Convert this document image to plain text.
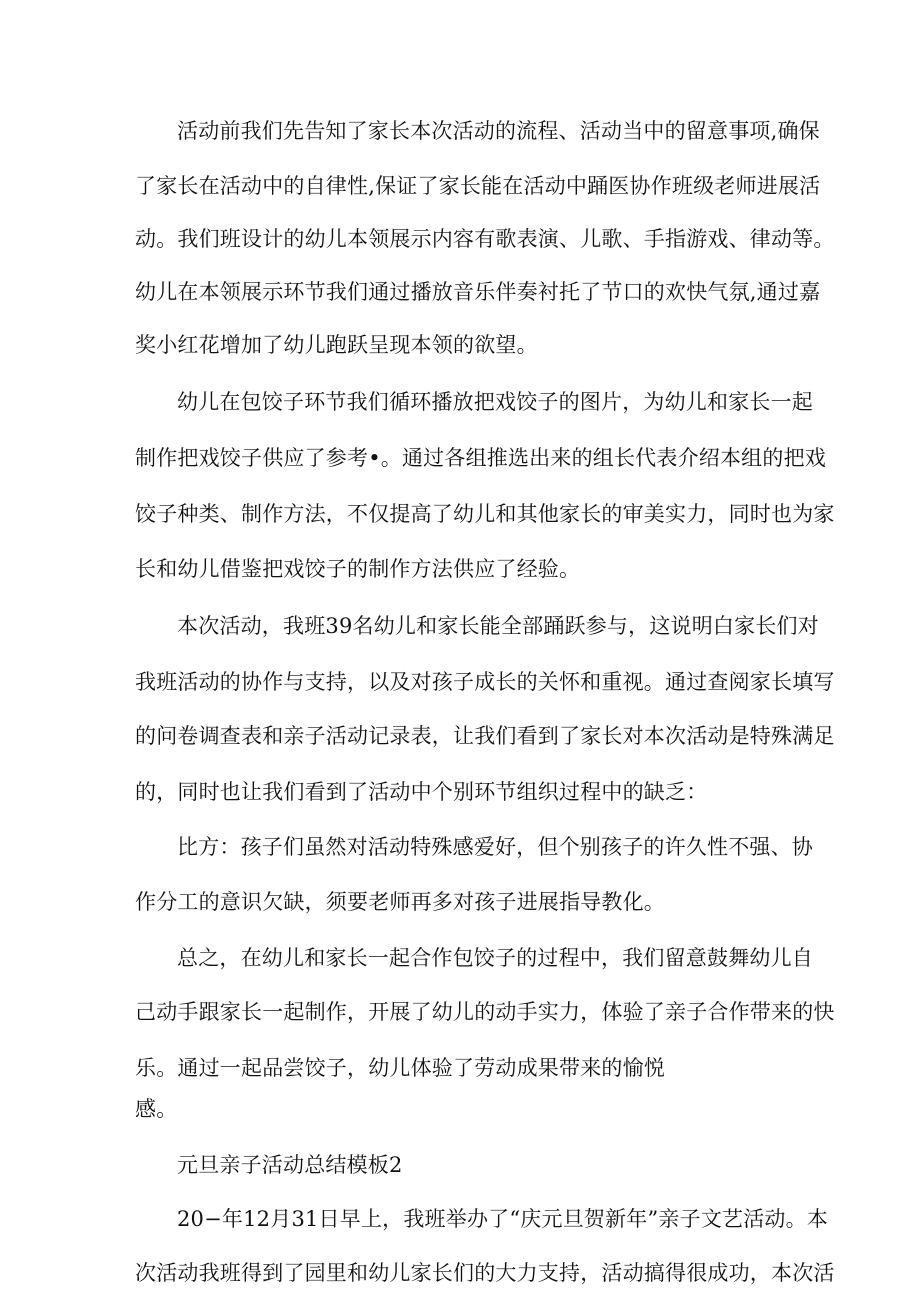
活动前我们先告知了家长本次活动的流程、活动当中的留意事项,确保
了家长在活动中的自律性,保证了家长能在活动中踊医协作班级老师进展活
动。我们班设计的幼儿本领展示内容有歌表演、儿歌、手指游戏、律动等。
幼儿在本领展示环节我们通过播放音乐伴奏衬托了节口的欢快气氛,通过嘉
奖小红花增加了幼儿跑跃呈现本领的欲望。
幼儿在包饺子环节我们循环播放把戏饺子的图片，为幼儿和家长一起
制作把戏饺子供应了参考•。通过各组推选出来的组长代表介绍本组的把戏
饺子种类、制作方法，不仅提高了幼儿和其他家长的审美实力，同时也为家
长和幼儿借鉴把戏饺子的制作方法供应了经验。
本次活动，我班39名幼儿和家长能全部踊跃参与，这说明白家长们对
我班活动的协作与支持，以及对孩子成长的关怀和重视。通过查阅家长填写
的问卷调查表和亲子活动记录表，让我们看到了家长对本次活动是特殊满足
的，同时也让我们看到了活动中个别环节组织过程中的缺乏：
比方：孩子们虽然对活动特殊感爱好，但个别孩子的许久性不强、协
作分工的意识欠缺，须要老师再多对孩子进展指导教化。
总之，在幼儿和家长一起合作包饺子的过程中，我们留意鼓舞幼儿自
己动手跟家长一起制作，开展了幼儿的动手实力，体验了亲子合作带来的快
乐。通过一起品尝饺子，幼儿体验了劳动成果带来的愉悦
感。
元旦亲子活动总结模板2
20−年12月31日早上，我班举办了“庆元旦贺新年”亲子文艺活动。本
次活动我班得到了园里和幼儿家长们的大力支持，活动搞得很成功，本次活
